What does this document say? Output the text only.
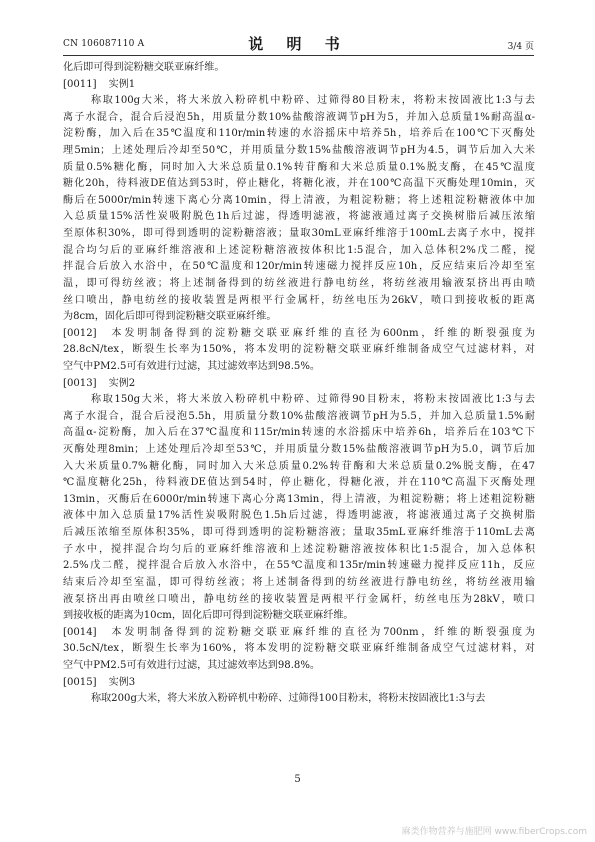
CN 106087110 A	说 明 书	3/4 页
化后即可得到淀粉糖交联亚麻纤维。
[0011] 实例1
称取100g大米，将大米放入粉碎机中粉碎、过筛得80目粉末，将粉末按固液比1:3与去
离子水混合，混合后浸泡5h，用质量分数10%盐酸溶液调节pH为5，并加入总质量1%耐高温α-
淀粉酶，加入后在35℃温度和110r/min转速的水浴摇床中培养5h，培养后在100℃下灭酶处
理5min；上述处理后冷却至50℃，并用质量分数15%盐酸溶液调节pH为4.5，调节后加入大米
质量0.5%糖化酶，同时加入大米总质量0.1%转苷酶和大米总质量0.1%脱支酶，在45℃温度
糖化20h，待料液DE值达到53时，停止糖化，将糖化液，并在100℃高温下灭酶处理10min，灭
酶后在5000r/min转速下离心分离10min，得上清液，为粗淀粉糖；将上述粗淀粉糖液体中加
入总质量15%活性炭吸附脱色1h后过滤，得透明滤液，将滤液通过离子交换树脂后减压浓缩
至原体积30%，即可得到透明的淀粉糖溶液；量取30mL亚麻纤维溶于100mL去离子水中，搅拌
混合均匀后的亚麻纤维溶液和上述淀粉糖溶液按体积比1:5混合，加入总体积2%戊二醛，搅
拌混合后放入水浴中，在50℃温度和120r/min转速磁力搅拌反应10h，反应结束后冷却至室
温，即可得纺丝液；将上述制备得到的纺丝液进行静电纺丝，将纺丝液用输液泵挤出再由喷
丝口喷出，静电纺丝的接收装置是两根平行金属杆，纺丝电压为26kV，喷口到接收板的距离
为8cm，固化后即可得到淀粉糖交联亚麻纤维。
[0012] 本发明制备得到的淀粉糖交联亚麻纤维的直径为600nm，纤维的断裂强度为
28.8cN/tex，断裂生长率为150%，将本发明的淀粉糖交联亚麻纤维制备成空气过滤材料，对
空气中PM2.5可有效进行过滤，其过滤效率达到98.5%。
[0013] 实例2
称取150g大米，将大米放入粉碎机中粉碎、过筛得90目粉末，将粉末按固液比1:3与去
离子水混合，混合后浸泡5.5h，用质量分数10%盐酸溶液调节pH为5.5，并加入总质量1.5%耐
高温α-淀粉酶，加入后在37℃温度和115r/min转速的水浴摇床中培养6h，培养后在103℃下
灭酶处理8min；上述处理后冷却至53℃，并用质量分数15%盐酸溶液调节pH为5.0，调节后加
入大米质量0.7%糖化酶，同时加入大米总质量0.2%转苷酶和大米总质量0.2%脱支酶，在47
℃温度糖化25h，待料液DE值达到54时，停止糖化，得糖化液，并在110℃高温下灭酶处理
13min，灭酶后在6000r/min转速下离心分离13min，得上清液，为粗淀粉糖；将上述粗淀粉糖
液体中加入总质量17%活性炭吸附脱色1.5h后过滤，得透明滤液，将滤液通过离子交换树脂
后减压浓缩至原体积35%，即可得到透明的淀粉糖溶液；量取35mL亚麻纤维溶于110mL去离
子水中，搅拌混合均匀后的亚麻纤维溶液和上述淀粉糖溶液按体积比1:5混合，加入总体积
2.5%戊二醛，搅拌混合后放入水浴中，在55℃温度和135r/min转速磁力搅拌反应11h，反应
结束后冷却至室温，即可得纺丝液；将上述制备得到的纺丝液进行静电纺丝，将纺丝液用输
液泵挤出再由喷丝口喷出，静电纺丝的接收装置是两根平行金属杆，纺丝电压为28kV，喷口
到接收板的距离为10cm，固化后即可得到淀粉糖交联亚麻纤维。
[0014] 本发明制备得到的淀粉糖交联亚麻纤维的直径为700nm，纤维的断裂强度为
30.5cN/tex，断裂生长率为160%，将本发明的淀粉糖交联亚麻纤维制备成空气过滤材料，对
空气中PM2.5可有效进行过滤，其过滤效率达到98.8%。
[0015] 实例3
称取200g大米，将大米放入粉碎机中粉碎、过筛得100目粉末，将粉末按固液比1:3与去
5
麻类作物营养与施肥网 www.fiberCrops.com
